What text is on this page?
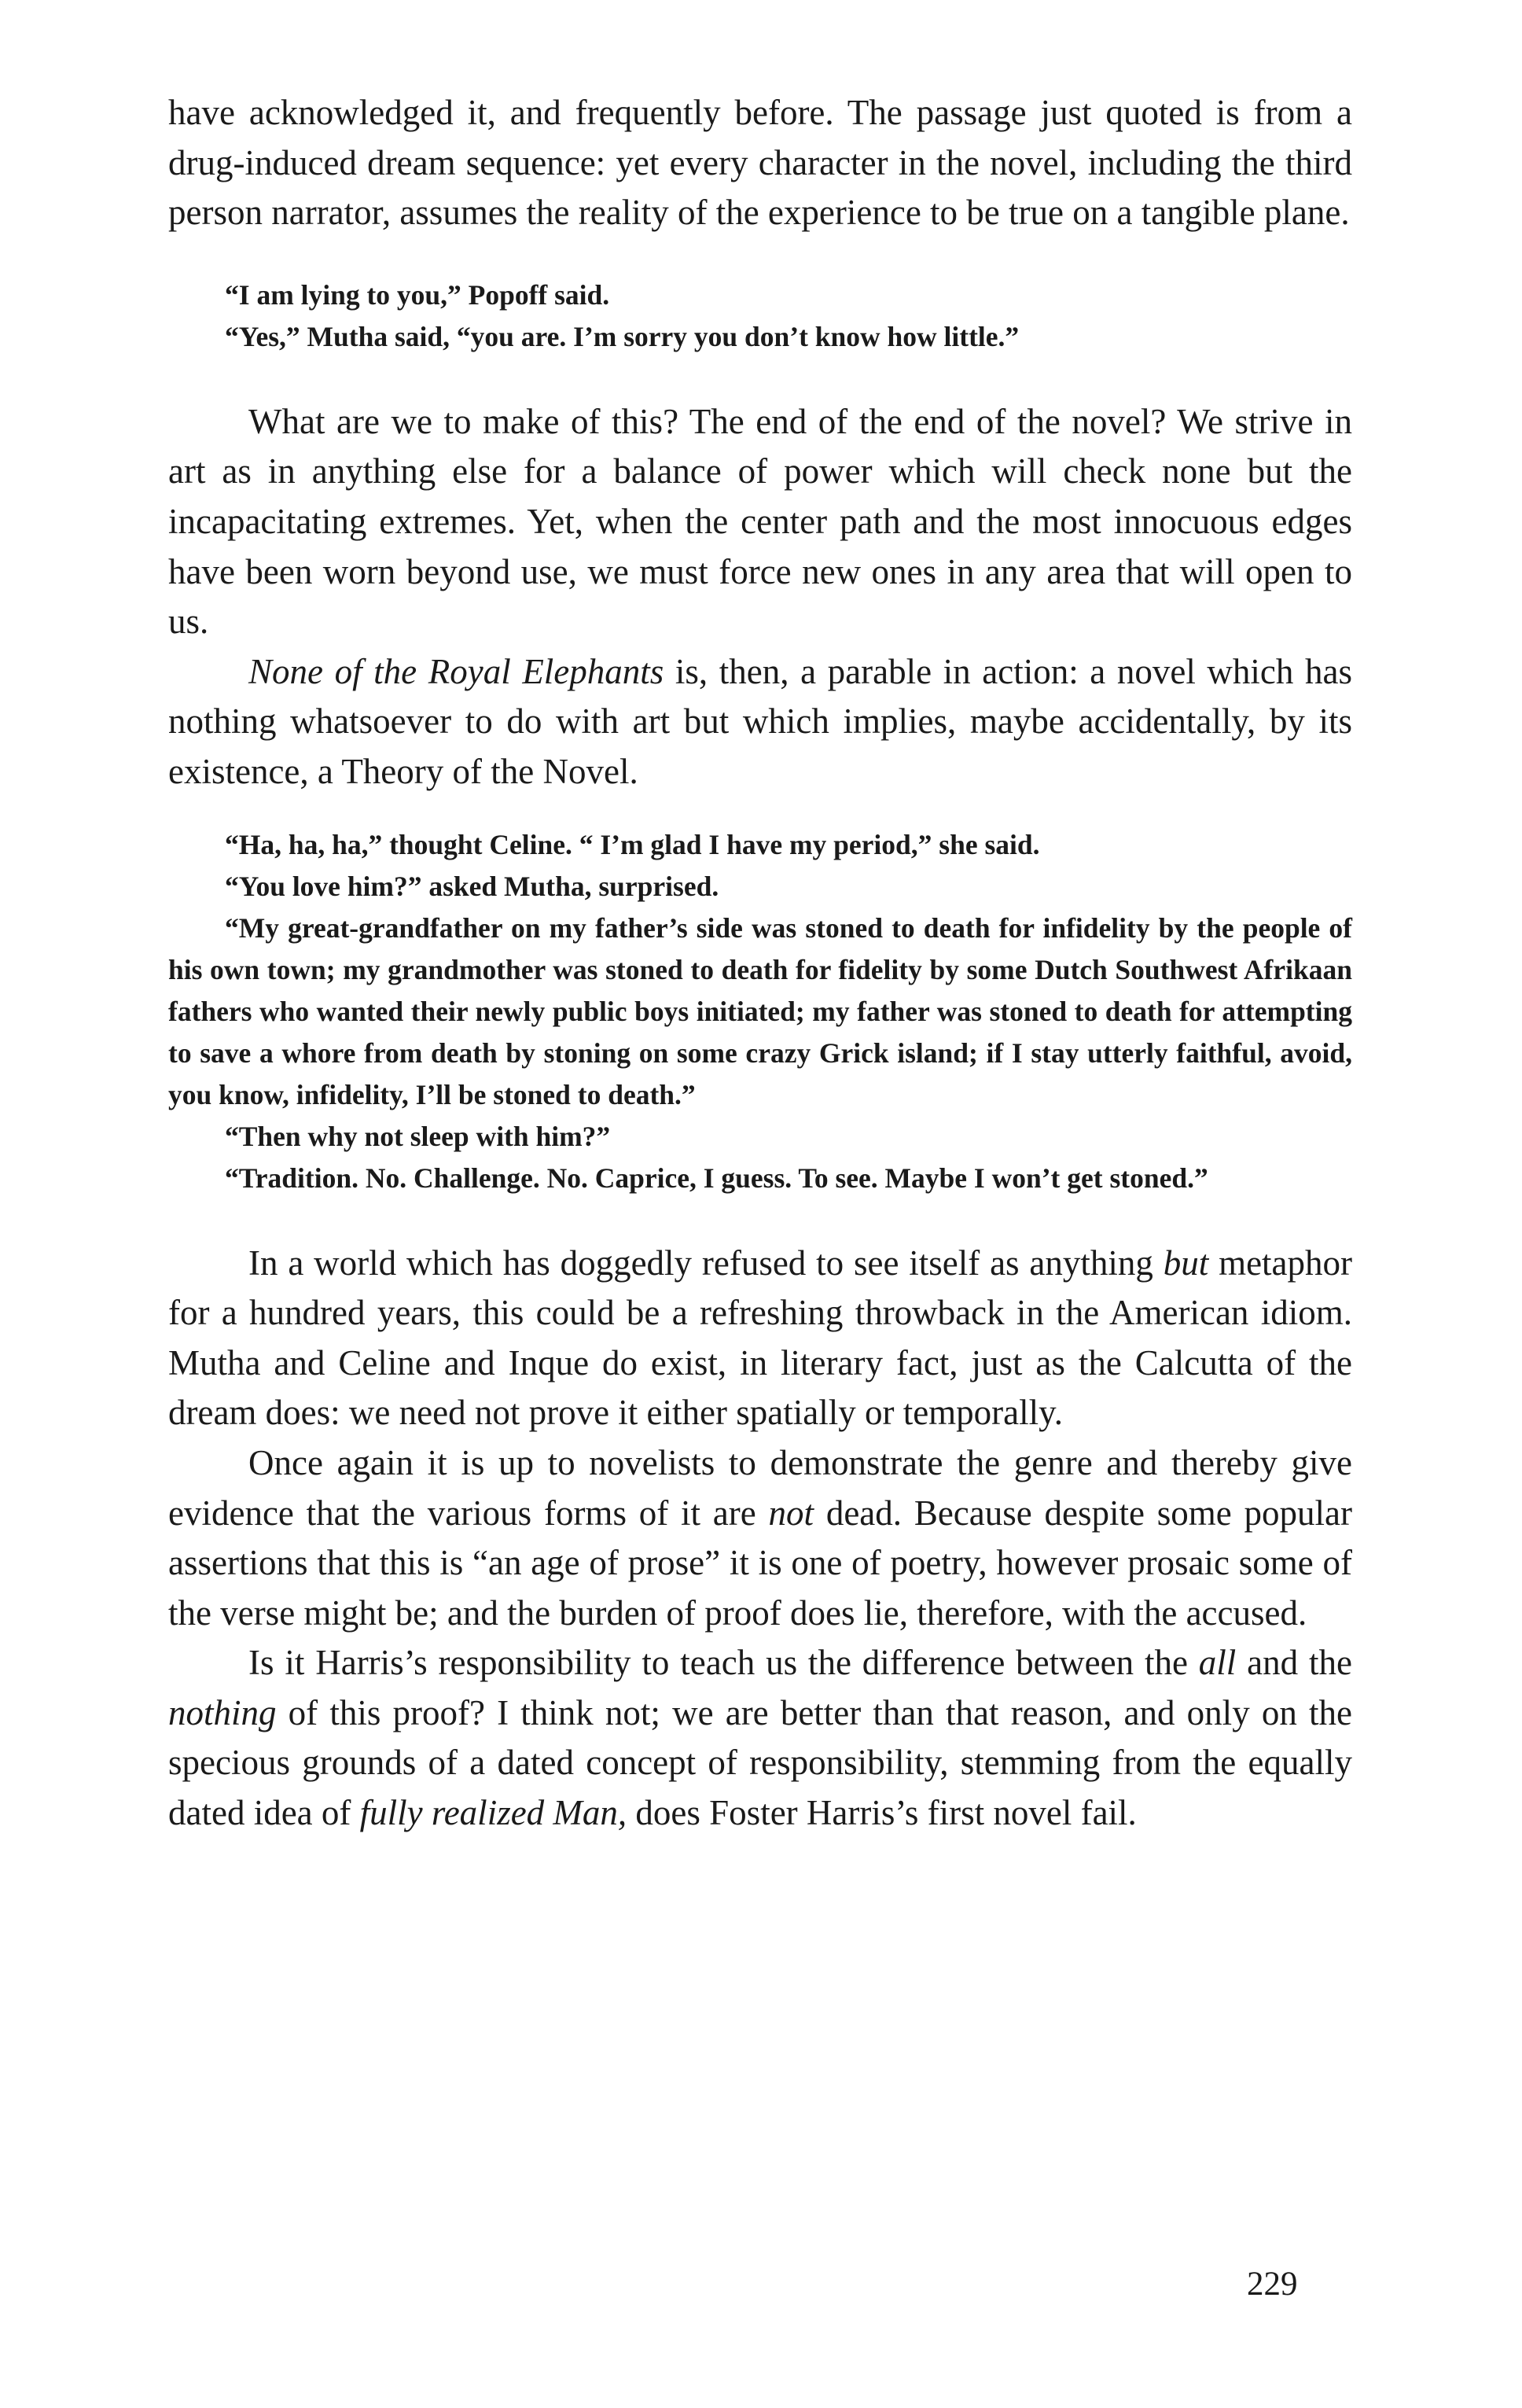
have acknowledged it, and frequently before. The passage just quoted is from a drug-induced dream sequence: yet every character in the novel, including the third person narrator, assumes the reality of the experience to be true on a tangible plane.

“I am lying to you,” Popoff said.

“Yes,” Mutha said, “you are. I’m sorry you don’t know how little.”

What are we to make of this? The end of the end of the novel? We strive in art as in anything else for a balance of power which will check none but the incapacitating extremes. Yet, when the center path and the most innocuous edges have been worn beyond use, we must force new ones in any area that will open to us.

None of the Royal Elephants is, then, a parable in action: a novel which has nothing whatsoever to do with art but which implies, maybe accidentally, by its existence, a Theory of the Novel.

“Ha, ha, ha,” thought Celine. “ I’m glad I have my period,” she said.

“You love him?” asked Mutha, surprised.

“My great-grandfather on my father’s side was stoned to death for infidelity by the people of his own town; my grandmother was stoned to death for fidelity by some Dutch Southwest Afrikaan fathers who wanted their newly public boys initiated; my father was stoned to death for attempting to save a whore from death by stoning on some crazy Grick island; if I stay utterly faithful, avoid, you know, infidelity, I’ll be stoned to death.”

“Then why not sleep with him?”

“Tradition. No. Challenge. No. Caprice, I guess. To see. Maybe I won’t get stoned.”

In a world which has doggedly refused to see itself as anything but metaphor for a hundred years, this could be a refreshing throwback in the American idiom. Mutha and Celine and Inque do exist, in literary fact, just as the Calcutta of the dream does: we need not prove it either spatially or temporally.

Once again it is up to novelists to demonstrate the genre and thereby give evidence that the various forms of it are not dead. Because despite some popular assertions that this is “an age of prose” it is one of poetry, however prosaic some of the verse might be; and the burden of proof does lie, therefore, with the accused.

Is it Harris’s responsibility to teach us the difference between the all and the nothing of this proof? I think not; we are better than that reason, and only on the specious grounds of a dated concept of responsibility, stemming from the equally dated idea of fully realized Man, does Foster Harris’s first novel fail.

229
